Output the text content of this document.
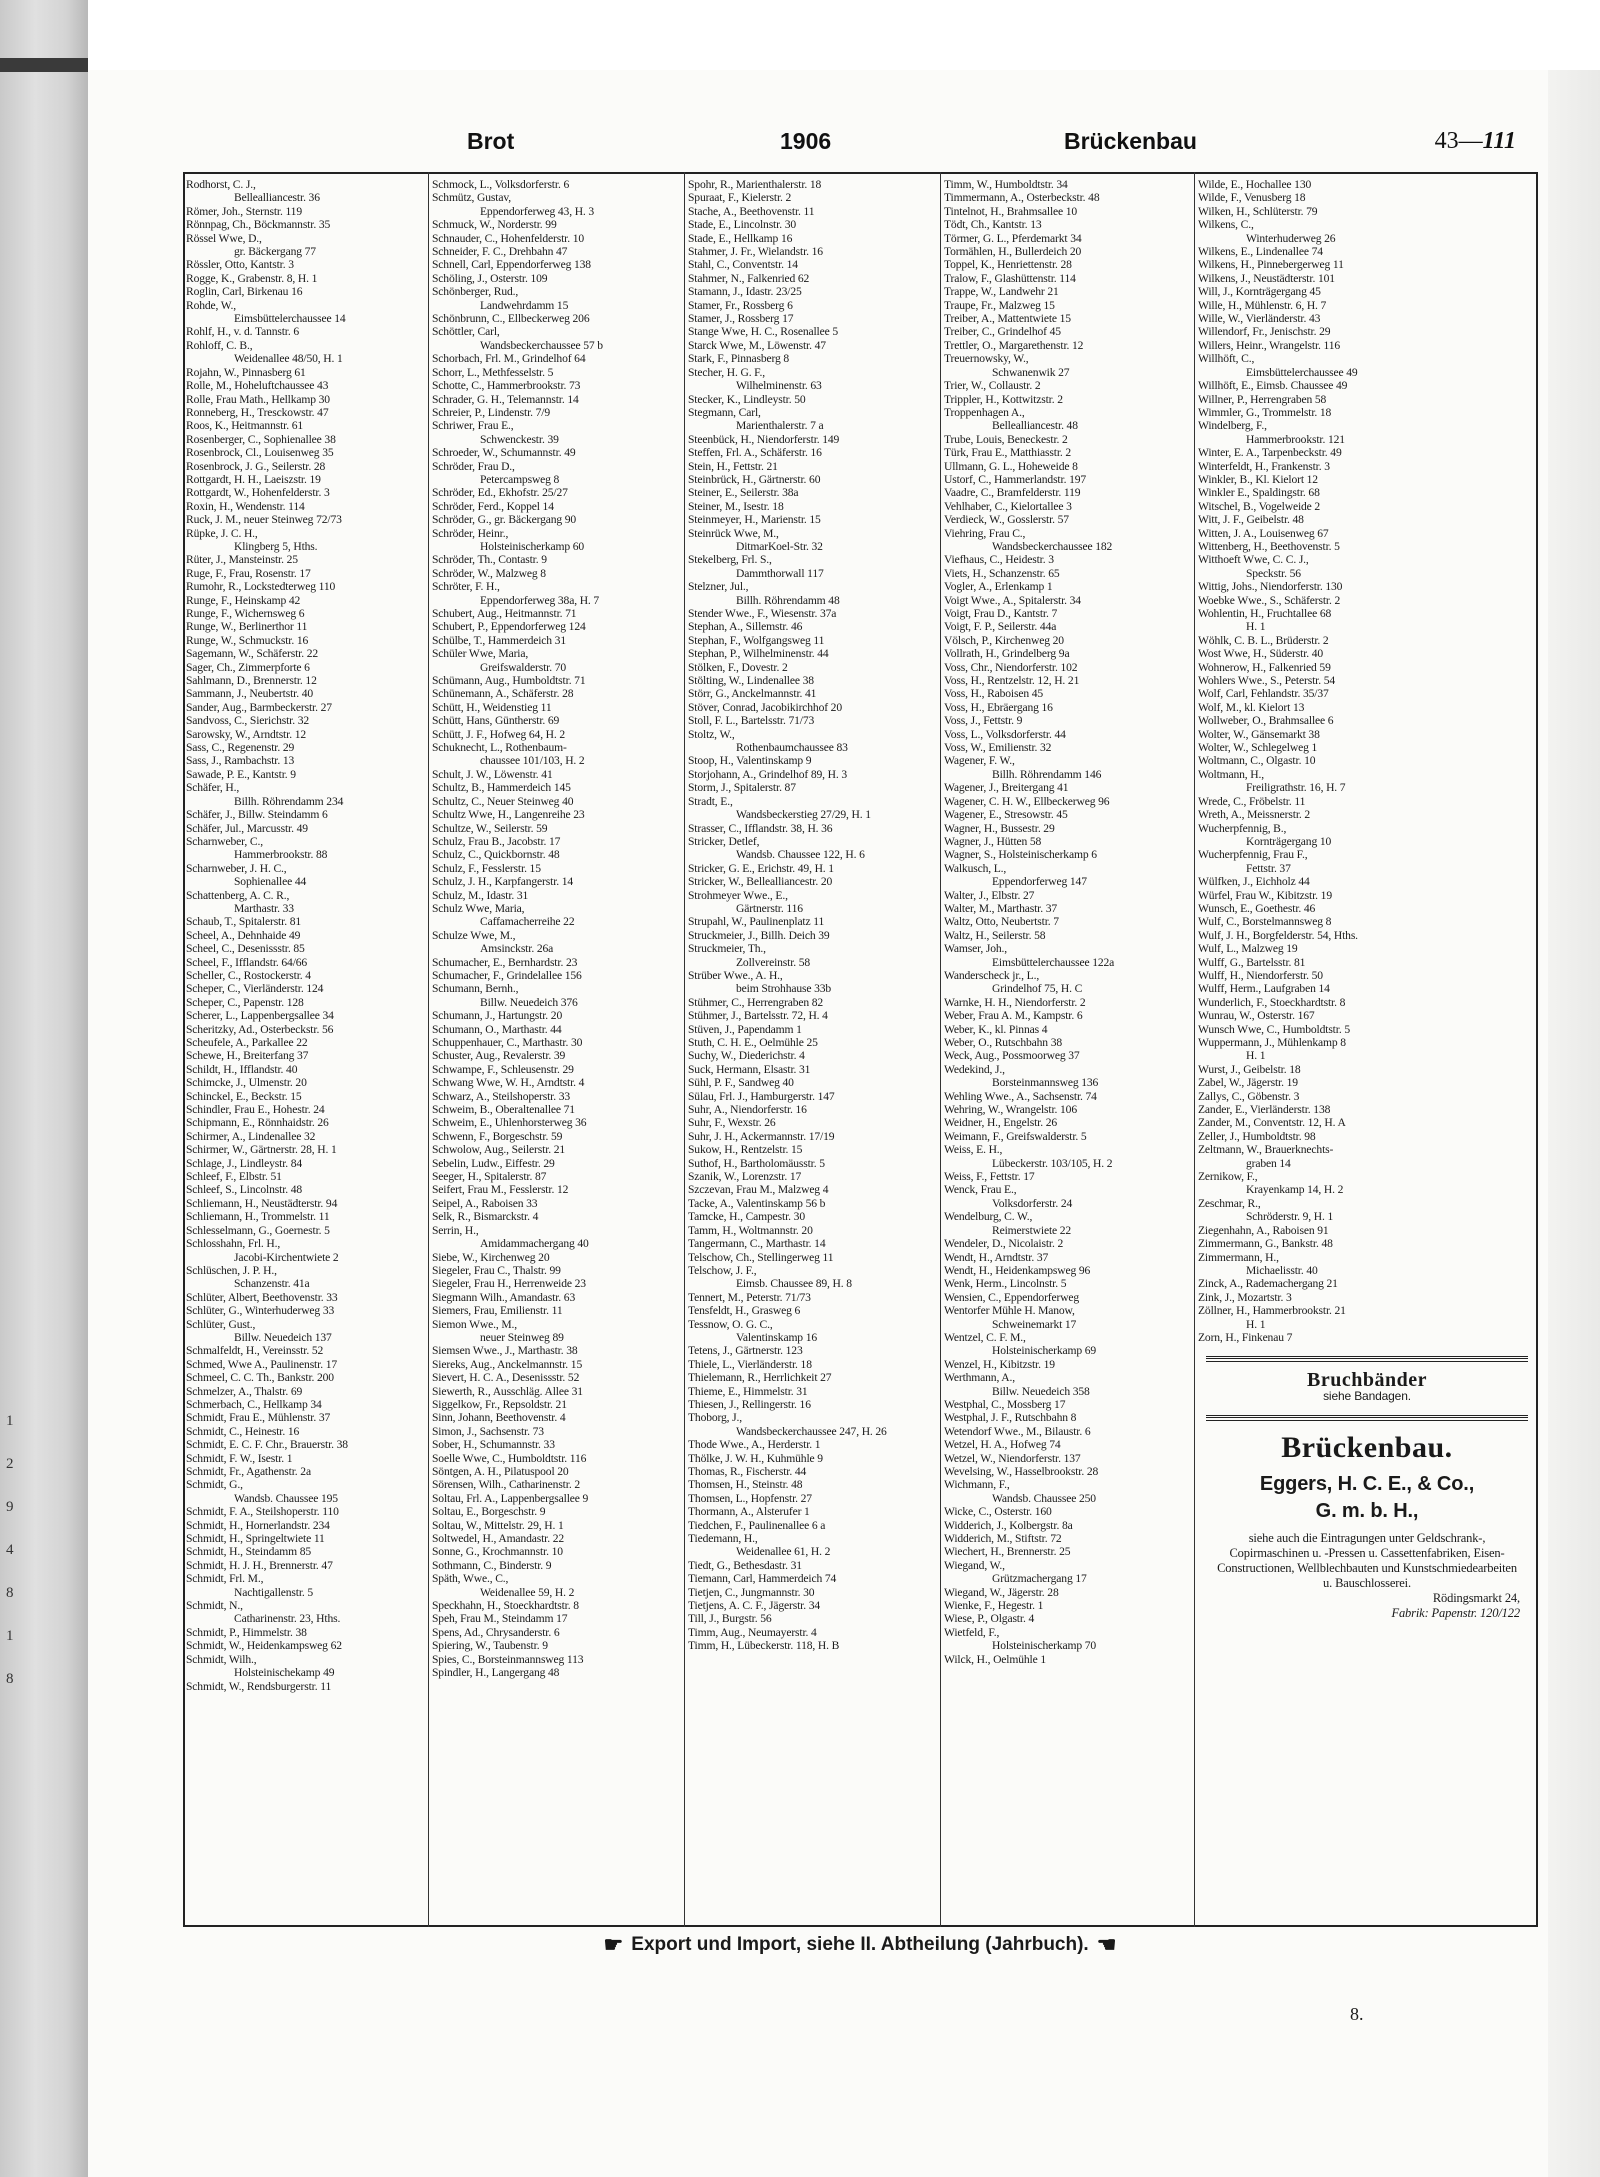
1
2
9
4
8
1
8
Brot	1906	Brückenbau	43—111
Rodhorst, C. J.,
Bellealliancestr. 36
Römer, Joh., Sternstr. 119
Rönnpag, Ch., Böckmannstr. 35
Rössel Wwe, D.,
gr. Bäckergang 77
Rössler, Otto, Kantstr. 3
Rogge, K., Grabenstr. 8, H. 1
Roglin, Carl, Birkenau 16
Rohde, W.,
Eimsbüttelerchaussee 14
Rohlf, H., v. d. Tannstr. 6
Rohloff, C. B.,
Weidenallee 48/50, H. 1
Rojahn, W., Pinnasberg 61
Rolle, M., Hoheluftchaussee 43
Rolle, Frau Math., Hellkamp 30
Ronneberg, H., Tresckowstr. 47
Roos, K., Heitmannstr. 61
Rosenberger, C., Sophienallee 38
Rosenbrock, Cl., Louisenweg 35
Rosenbrock, J. G., Seilerstr. 28
Rottgardt, H. H., Laeiszstr. 19
Rottgardt, W., Hohenfelderstr. 3
Roxin, H., Wendenstr. 114
Ruck, J. M., neuer Steinweg 72/73
Rüpke, J. C. H.,
Klingberg 5, Hths.
Rüter, J., Mansteinstr. 25
Ruge, F., Frau, Rosenstr. 17
Rumohr, R., Lockstedterweg 110
Runge, F., Heinskamp 42
Runge, F., Wichernsweg 6
Runge, W., Berlinerthor 11
Runge, W., Schmuckstr. 16
Sagemann, W., Schäferstr. 22
Sager, Ch., Zimmerpforte 6
Sahlmann, D., Brennerstr. 12
Sammann, J., Neubertstr. 40
Sander, Aug., Barmbeckerstr. 27
Sandvoss, C., Sierichstr. 32
Sarowsky, W., Arndtstr. 12
Sass, C., Regenenstr. 29
Sass, J., Rambachstr. 13
Sawade, P. E., Kantstr. 9
Schäfer, H.,
Billh. Röhrendamm 234
Schäfer, J., Billw. Steindamm 6
Schäfer, Jul., Marcusstr. 49
Scharnweber, C.,
Hammerbrookstr. 88
Scharnweber, J. H. C.,
Sophienallee 44
Schattenberg, A. C. R.,
Marthastr. 33
Schaub, T., Spitalerstr. 81
Scheel, A., Dehnhaide 49
Scheel, C., Desenissstr. 85
Scheel, F., Ifflandstr. 64/66
Scheller, C., Rostockerstr. 4
Scheper, C., Vierländerstr. 124
Scheper, C., Papenstr. 128
Scherer, L., Lappenbergsallee 34
Scheritzky, Ad., Osterbeckstr. 56
Scheufele, A., Parkallee 22
Schewe, H., Breiterfang 37
Schildt, H., Ifflandstr. 40
Schimcke, J., Ulmenstr. 20
Schinckel, E., Beckstr. 15
Schindler, Frau E., Hohestr. 24
Schipmann, E., Rönnhaidstr. 26
Schirmer, A., Lindenallee 32
Schirmer, W., Gärtnerstr. 28, H. 1
Schlage, J., Lindleystr. 84
Schleef, F., Elbstr. 51
Schleef, S., Lincolnstr. 48
Schliemann, H., Neustädterstr. 94
Schliemann, H., Trommelstr. 11
Schlesselmann, G., Goernestr. 5
Schlosshahn, Frl. H.,
Jacobi-Kirchentwiete 2
Schlüschen, J. P. H.,
Schanzenstr. 41a
Schlüter, Albert, Beethovenstr. 33
Schlüter, G., Winterhuderweg 33
Schlüter, Gust.,
Billw. Neuedeich 137
Schmalfeldt, H., Vereinsstr. 52
Schmed, Wwe A., Paulinenstr. 17
Schmeel, C. C. Th., Bankstr. 200
Schmelzer, A., Thalstr. 69
Schmerbach, C., Hellkamp 34
Schmidt, Frau E., Mühlenstr. 37
Schmidt, C., Heinestr. 16
Schmidt, E. C. F. Chr., Brauerstr. 38
Schmidt, F. W., Isestr. 1
Schmidt, Fr., Agathenstr. 2a
Schmidt, G.,
Wandsb. Chaussee 195
Schmidt, F. A., Steilshoperstr. 110
Schmidt, H., Hornerlandstr. 234
Schmidt, H., Springeltwiete 11
Schmidt, H., Steindamm 85
Schmidt, H. J. H., Brennerstr. 47
Schmidt, Frl. M.,
Nachtigallenstr. 5
Schmidt, N.,
Catharinenstr. 23, Hths.
Schmidt, P., Himmelstr. 38
Schmidt, W., Heidenkampsweg 62
Schmidt, Wilh.,
Holsteinischekamp 49
Schmidt, W., Rendsburgerstr. 11
Schmock, L., Volksdorferstr. 6
Schmütz, Gustav,
Eppendorferweg 43, H. 3
Schmuck, W., Norderstr. 99
Schnauder, C., Hohenfelderstr. 10
Schneider, F. C., Drehbahn 47
Schnell, Carl, Eppendorferweg 138
Schöling, J., Osterstr. 109
Schönberger, Rud.,
Landwehrdamm 15
Schönbrunn, C., Ellbeckerweg 206
Schöttler, Carl,
Wandsbeckerchaussee 57 b
Schorbach, Frl. M., Grindelhof 64
Schorr, L., Methfesselstr. 5
Schotte, C., Hammerbrookstr. 73
Schrader, G. H., Telemannstr. 14
Schreier, P., Lindenstr. 7/9
Schriwer, Frau E.,
Schwenckestr. 39
Schroeder, W., Schumannstr. 49
Schröder, Frau D.,
Petercampsweg 8
Schröder, Ed., Ekhofstr. 25/27
Schröder, Ferd., Koppel 14
Schröder, G., gr. Bäckergang 90
Schröder, Heinr.,
Holsteinischerkamp 60
Schröder, Th., Contastr. 9
Schröder, W., Malzweg 8
Schröter, F. H.,
Eppendorferweg 38a, H. 7
Schubert, Aug., Heitmannstr. 71
Schubert, P., Eppendorferweg 124
Schülbe, T., Hammerdeich 31
Schüler Wwe, Maria,
Greifswalderstr. 70
Schümann, Aug., Humboldtstr. 71
Schünemann, A., Schäferstr. 28
Schütt, H., Weidenstieg 11
Schütt, Hans, Güntherstr. 69
Schütt, J. F., Hofweg 64, H. 2
Schuknecht, L., Rothenbaum-
chaussee 101/103, H. 2
Schult, J. W., Löwenstr. 41
Schultz, B., Hammerdeich 145
Schultz, C., Neuer Steinweg 40
Schultz Wwe, H., Langenreihe 23
Schultze, W., Seilerstr. 59
Schulz, Frau B., Jacobstr. 17
Schulz, C., Quickbornstr. 48
Schulz, F., Fesslerstr. 15
Schulz, J. H., Karpfangerstr. 14
Schulz, M., Idastr. 31
Schulz Wwe, Maria,
Caffamacherreihe 22
Schulze Wwe, M.,
Amsinckstr. 26a
Schumacher, E., Bernhardstr. 23
Schumacher, F., Grindelallee 156
Schumann, Bernh.,
Billw. Neuedeich 376
Schumann, J., Hartungstr. 20
Schumann, O., Marthastr. 44
Schuppenhauer, C., Marthastr. 30
Schuster, Aug., Revalerstr. 39
Schwampe, F., Schleusenstr. 29
Schwang Wwe, W. H., Arndtstr. 4
Schwarz, A., Steilshoperstr. 33
Schweim, B., Oberaltenallee 71
Schweim, E., Uhlenhorsterweg 36
Schwenn, F., Borgeschstr. 59
Schwolow, Aug., Seilerstr. 21
Sebelin, Ludw., Eiffestr. 29
Seeger, H., Spitalerstr. 87
Seifert, Frau M., Fesslerstr. 12
Seipel, A., Raboisen 33
Selk, R., Bismarckstr. 4
Serrin, H.,
Amidammachergang 40
Siebe, W., Kirchenweg 20
Siegeler, Frau C., Thalstr. 99
Siegeler, Frau H., Herrenweide 23
Siegmann Wilh., Amandastr. 63
Siemers, Frau, Emilienstr. 11
Siemon Wwe., M.,
neuer Steinweg 89
Siemsen Wwe., J., Marthastr. 38
Siereks, Aug., Anckelmannstr. 15
Sievert, H. C. A., Desenissstr. 52
Siewerth, R., Ausschläg. Allee 31
Siggelkow, Fr., Repsoldstr. 21
Sinn, Johann, Beethovenstr. 4
Simon, J., Sachsenstr. 73
Sober, H., Schumannstr. 33
Soelle Wwe, C., Humboldtstr. 116
Söntgen, A. H., Pilatuspool 20
Sörensen, Wilh., Catharinenstr. 2
Soltau, Frl. A., Lappenbergsallee 9
Soltau, E., Borgeschstr. 9
Soltau, W., Mittelstr. 29, H. 1
Soltwedel, H., Amandastr. 22
Sonne, G., Krochmannstr. 10
Sothmann, C., Binderstr. 9
Späth, Wwe., C.,
Weidenallee 59, H. 2
Speckhahn, H., Stoeckhardtstr. 8
Speh, Frau M., Steindamm 17
Spens, Ad., Chrysanderstr. 6
Spiering, W., Taubenstr. 9
Spies, C., Borsteinmannsweg 113
Spindler, H., Langergang 48
Spohr, R., Marienthalerstr. 18
Spuraat, F., Kielerstr. 2
Stache, A., Beethovenstr. 11
Stade, E., Lincolnstr. 30
Stade, E., Hellkamp 16
Stahmer, J. Fr., Wielandstr. 16
Stahl, C., Conventstr. 14
Stahmer, N., Falkenried 62
Stamann, J., Idastr. 23/25
Stamer, Fr., Rossberg 6
Stamer, J., Rossberg 17
Stange Wwe, H. C., Rosenallee 5
Starck Wwe, M., Löwenstr. 47
Stark, F., Pinnasberg 8
Stecher, H. G. F.,
Wilhelminenstr. 63
Stecker, K., Lindleystr. 50
Stegmann, Carl,
Marienthalerstr. 7 a
Steenbück, H., Niendorferstr. 149
Steffen, Frl. A., Schäferstr. 16
Stein, H., Fettstr. 21
Steinbrück, H., Gärtnerstr. 60
Steiner, E., Seilerstr. 38a
Steiner, M., Isestr. 18
Steinmeyer, H., Marienstr. 15
Steinrück Wwe, M.,
DitmarKoel-Str. 32
Stekelberg, Frl. S.,
Dammthorwall 117
Stelzner, Jul.,
Billh. Röhrendamm 48
Stender Wwe., F., Wiesenstr. 37a
Stephan, A., Sillemstr. 46
Stephan, F., Wolfgangsweg 11
Stephan, P., Wilhelminenstr. 44
Stölken, F., Dovestr. 2
Stölting, W., Lindenallee 38
Störr, G., Anckelmannstr. 41
Stöver, Conrad, Jacobikirchhof 20
Stoll, F. L., Bartelsstr. 71/73
Stoltz, W.,
Rothenbaumchaussee 83
Stoop, H., Valentinskamp 9
Storjohann, A., Grindelhof 89, H. 3
Storm, J., Spitalerstr. 87
Stradt, E.,
Wandsbeckerstieg 27/29, H. 1
Strasser, C., Ifflandstr. 38, H. 36
Stricker, Detlef,
Wandsb. Chaussee 122, H. 6
Stricker, G. E., Erichstr. 49, H. 1
Stricker, W., Bellealliancestr. 20
Strohmeyer Wwe., E.,
Gärtnerstr. 116
Strupahl, W., Paulinenplatz 11
Struckmeier, J., Billh. Deich 39
Struckmeier, Th.,
Zollvereinstr. 58
Strüber Wwe., A. H.,
beim Strohhause 33b
Stühmer, C., Herrengraben 82
Stühmer, J., Bartelsstr. 72, H. 4
Stüven, J., Papendamm 1
Stuth, C. H. E., Oelmühle 25
Suchy, W., Diederichstr. 4
Suck, Hermann, Elsastr. 31
Sühl, P. F., Sandweg 40
Sülau, Frl. J., Hamburgerstr. 147
Suhr, A., Niendorferstr. 16
Suhr, F., Wexstr. 26
Suhr, J. H., Ackermannstr. 17/19
Sukow, H., Rentzelstr. 15
Suthof, H., Bartholomäusstr. 5
Szanik, W., Lorenzstr. 17
Szczevan, Frau M., Malzweg 4
Tacke, A., Valentinskamp 56 b
Tamcke, H., Campestr. 30
Tamm, H., Woltmannstr. 20
Tangermann, C., Marthastr. 14
Telschow, Ch., Stellingerweg 11
Telschow, J. F.,
Eimsb. Chaussee 89, H. 8
Tennert, M., Peterstr. 71/73
Tensfeldt, H., Grasweg 6
Tessnow, O. G. C.,
Valentinskamp 16
Tetens, J., Gärtnerstr. 123
Thiele, L., Vierländerstr. 18
Thielemann, R., Herrlichkeit 27
Thieme, E., Himmelstr. 31
Thiesen, J., Rellingerstr. 16
Thoborg, J.,
Wandsbeckerchaussee 247, H. 26
Thode Wwe., A., Herderstr. 1
Thölke, J. W. H., Kuhmühle 9
Thomas, R., Fischerstr. 44
Thomsen, H., Steinstr. 48
Thomsen, L., Hopfenstr. 27
Thormann, A., Alsterufer 1
Tiedchen, F., Paulinenallee 6 a
Tiedemann, H.,
Weidenallee 61, H. 2
Tiedt, G., Bethesdastr. 31
Tiemann, Carl, Hammerdeich 74
Tietjen, C., Jungmannstr. 30
Tietjens, A. C. F., Jägerstr. 34
Till, J., Burgstr. 56
Timm, Aug., Neumayerstr. 4
Timm, H., Lübeckerstr. 118, H. B
Timm, W., Humboldtstr. 34
Timmermann, A., Osterbeckstr. 48
Tintelnot, H., Brahmsallee 10
Tödt, Ch., Kantstr. 13
Törmer, G. L., Pferdemarkt 34
Tormählen, H., Bullerdeich 20
Toppel, K., Henriettenstr. 28
Tralow, F., Glashüttenstr. 114
Trappe, W., Landwehr 21
Traupe, Fr., Malzweg 15
Treiber, A., Mattentwiete 15
Treiber, C., Grindelhof 45
Trettler, O., Margarethenstr. 12
Treuernowsky, W.,
Schwanenwik 27
Trier, W., Collaustr. 2
Trippler, H., Kottwitzstr. 2
Troppenhagen A.,
Bellealliancestr. 48
Trube, Louis, Beneckestr. 2
Türk, Frau E., Matthiasstr. 2
Ullmann, G. L., Hoheweide 8
Ustorf, C., Hammerlandstr. 197
Vaadre, C., Bramfelderstr. 119
Vehlhaber, C., Kielortallee 3
Verdieck, W., Gosslerstr. 57
Viehring, Frau C.,
Wandsbeckerchaussee 182
Viefhaus, C., Heidestr. 3
Viets, H., Schanzenstr. 65
Vogler, A., Erlenkamp 1
Voigt Wwe., A., Spitalerstr. 34
Voigt, Frau D., Kantstr. 7
Voigt, F. P., Seilerstr. 44a
Völsch, P., Kirchenweg 20
Vollrath, H., Grindelberg 9a
Voss, Chr., Niendorferstr. 102
Voss, H., Rentzelstr. 12, H. 21
Voss, H., Raboisen 45
Voss, H., Ebräergang 16
Voss, J., Fettstr. 9
Voss, L., Volksdorferstr. 44
Voss, W., Emilienstr. 32
Wagener, F. W.,
Billh. Röhrendamm 146
Wagener, J., Breitergang 41
Wagener, C. H. W., Ellbeckerweg 96
Wagener, E., Stresowstr. 45
Wagner, H., Bussestr. 29
Wagner, J., Hütten 58
Wagner, S., Holsteinischerkamp 6
Walkusch, L.,
Eppendorferweg 147
Walter, J., Elbstr. 27
Walter, M., Marthastr. 37
Waltz, Otto, Neubertstr. 7
Waltz, H., Seilerstr. 58
Wamser, Joh.,
Eimsbüttelerchaussee 122a
Wanderscheck jr., L.,
Grindelhof 75, H. C
Warnke, H. H., Niendorferstr. 2
Weber, Frau A. M., Kampstr. 6
Weber, K., kl. Pinnas 4
Weber, O., Rutschbahn 38
Weck, Aug., Possmoorweg 37
Wedekind, J.,
Borsteinmannsweg 136
Wehling Wwe., A., Sachsenstr. 74
Wehring, W., Wrangelstr. 106
Weidner, H., Engelstr. 26
Weimann, F., Greifswalderstr. 5
Weiss, E. H.,
Lübeckerstr. 103/105, H. 2
Weiss, F., Fettstr. 17
Wenck, Frau E.,
Volksdorferstr. 24
Wendelburg, C. W.,
Reimerstwiete 22
Wendeler, D., Nicolaistr. 2
Wendt, H., Arndtstr. 37
Wendt, H., Heidenkampsweg 96
Wenk, Herm., Lincolnstr. 5
Wensien, C., Eppendorferweg
Wentorfer Mühle H. Manow,
Schweinemarkt 17
Wentzel, C. F. M.,
Holsteinischerkamp 69
Wenzel, H., Kibitzstr. 19
Werthmann, A.,
Billw. Neuedeich 358
Westphal, C., Mossberg 17
Westphal, J. F., Rutschbahn 8
Wetendorf Wwe., M., Bilaustr. 6
Wetzel, H. A., Hofweg 74
Wetzel, W., Niendorferstr. 137
Wevelsing, W., Hasselbrookstr. 28
Wichmann, F.,
Wandsb. Chaussee 250
Wicke, C., Osterstr. 160
Widderich, J., Kolbergstr. 8a
Widderich, M., Stiftstr. 72
Wiechert, H., Brennerstr. 25
Wiegand, W.,
Grützmachergang 17
Wiegand, W., Jägerstr. 28
Wienke, F., Hegestr. 1
Wiese, P., Olgastr. 4
Wietfeld, F.,
Holsteinischerkamp 70
Wilck, H., Oelmühle 1
Wilde, E., Hochallee 130
Wilde, F., Venusberg 18
Wilken, H., Schlüterstr. 79
Wilkens, C.,
Winterhuderweg 26
Wilkens, E., Lindenallee 74
Wilkens, H., Pinnebergerweg 11
Wilkens, J., Neustädterstr. 101
Will, J., Kornträgergang 45
Wille, H., Mühlenstr. 6, H. 7
Wille, W., Vierländerstr. 43
Willendorf, Fr., Jenischstr. 29
Willers, Heinr., Wrangelstr. 116
Willhöft, C.,
Eimsbüttelerchaussee 49
Willhöft, E., Eimsb. Chaussee 49
Willner, P., Herrengraben 58
Wimmler, G., Trommelstr. 18
Windelberg, F.,
Hammerbrookstr. 121
Winter, E. A., Tarpenbeckstr. 49
Winterfeldt, H., Frankenstr. 3
Winkler, B., Kl. Kielort 12
Winkler E., Spaldingstr. 68
Witschel, B., Vogelweide 2
Witt, J. F., Geibelstr. 48
Witten, J. A., Louisenweg 67
Wittenberg, H., Beethovenstr. 5
Witthoeft Wwe, C. C. J.,
Speckstr. 56
Wittig, Johs., Niendorferstr. 130
Woebke Wwe., S., Schäferstr. 2
Wohlentin, H., Fruchtallee 68
H. 1
Wöhlk, C. B. L., Brüderstr. 2
Wost Wwe, H., Süderstr. 40
Wohnerow, H., Falkenried 59
Wohlers Wwe., S., Peterstr. 54
Wolf, Carl, Fehlandstr. 35/37
Wolf, M., kl. Kielort 13
Wollweber, O., Brahmsallee 6
Wolter, W., Gänsemarkt 38
Wolter, W., Schlegelweg 1
Woltmann, C., Olgastr. 10
Woltmann, H.,
Freiligrathstr. 16, H. 7
Wrede, C., Fröbelstr. 11
Wreth, A., Meissnerstr. 2
Wucherpfennig, B.,
Kornträgergang 10
Wucherpfennig, Frau F.,
Fettstr. 37
Wülfken, J., Eichholz 44
Würfel, Frau W., Kibitzstr. 19
Wunsch, E., Goethestr. 46
Wulf, C., Borstelmannsweg 8
Wulf, J. H., Borgfelderstr. 54, Hths.
Wulf, L., Malzweg 19
Wulff, G., Bartelsstr. 81
Wulff, H., Niendorferstr. 50
Wulff, Herm., Laufgraben 14
Wunderlich, F., Stoeckhardtstr. 8
Wunrau, W., Osterstr. 167
Wunsch Wwe, C., Humboldtstr. 5
Wuppermann, J., Mühlenkamp 8
H. 1
Wurst, J., Geibelstr. 18
Zabel, W., Jägerstr. 19
Zallys, C., Göbenstr. 3
Zander, E., Vierländerstr. 138
Zander, M., Conventstr. 12, H. A
Zeller, J., Humboldtstr. 98
Zeltmann, W., Brauerknechts-
graben 14
Zernikow, F.,
Krayenkamp 14, H. 2
Zeschmar, R.,
Schröderstr. 9, H. 1
Ziegenhahn, A., Raboisen 91
Zimmermann, G., Bankstr. 48
Zimmermann, H.,
Michaelisstr. 40
Zinck, A., Rademachergang 21
Zink, J., Mozartstr. 3
Zöllner, H., Hammerbrookstr. 21
H. 1
Zorn, H., Finkenau 7
Bruchbänder
siehe Bandagen.
Brückenbau.
Eggers, H. C. E., & Co.,
G. m. b. H.,
siehe auch die Eintragungen unter Geldschrank-, Copirmaschinen u. -Pressen u. Cassettenfabriken, Eisen-Constructionen, Wellblechbauten und Kunstschmiedearbeiten u. Bauschlosserei.
Rödingsmarkt 24,
Fabrik: Papenstr. 120/122
☛ Export und Import, siehe II. Abtheilung (Jahrbuch). ☚
8.
